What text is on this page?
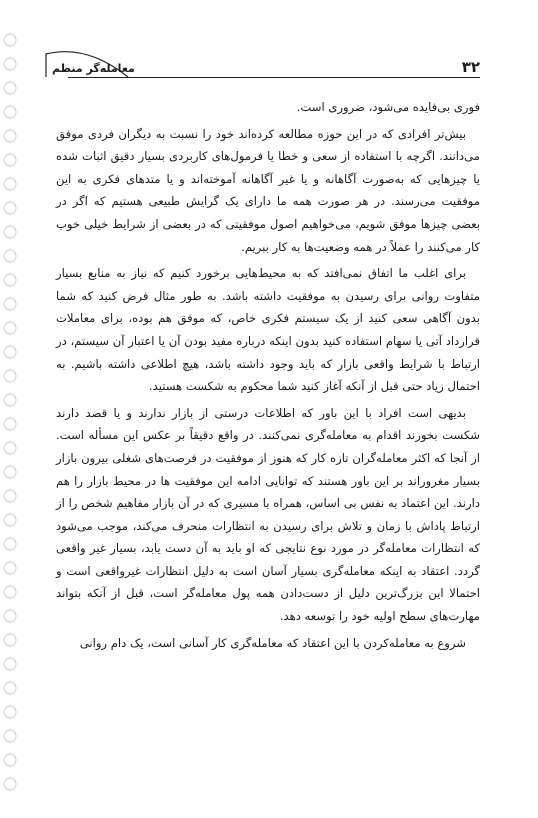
معامله‌گر منظم	۳۲

فوری بی‌فایده می‌شود، ضروری است.

بیش‌تر افرادی که در این حوزه مطالعه کرده‌اند خود را نسبت به دیگران فردی موفق می‌دانند. اگرچه با استفاده از سعی و خطا یا فرمول‌های کاربردی بسیار دقیق اثبات شده یا چیزهایی که به‌صورت آگاهانه و یا غیر آگاهانه آموخته‌اند و یا متدهای فکری به این موفقیت می‌رسند. در هر صورت همه ما دارای یک گرایش طبیعی هستیم که اگر در بعضی چیزها موفق شویم، می‌خواهیم اصول موفقیتی که در بعضی از شرایط خیلی خوب کار می‌کنند را عملاً در همه وضعیت‌ها به کار ببریم.

برای اغلب ما اتفاق نمی‌افتد که به محیط‌هایی برخورد کنیم که نیاز به منابع بسیار متفاوت روانی برای رسیدن به موفقیت داشته باشد. به طور مثال فرض کنید که شما بدون آگاهی سعی کنید از یک سیستم فکری خاص، که موفق هم بوده، برای معاملات قرارداد آتی یا سهام استفاده کنید بدون اینکه درباره مفید بودن آن یا اعتبار آن سیستم، در ارتباط با شرایط واقعی بازار که باید وجود داشته باشد، هیچ اطلاعی داشته باشیم. به احتمال زیاد حتی قبل از آنکه آغاز کنید شما محکوم به شکست هستید.

بدیهی است افراد با این باور که اطلاعات درستی از بازار ندارند و یا قصد دارند شکست بخورند اقدام به معامله‌گری نمی‌کنند. در واقع دقیقاً بر عکس این مسأله است. از آنجا که اکثر معامله‌گران تازه کار که هنوز از موفقیت در فرصت‌های شغلی بیرون بازار بسیار مغروراند بر این باور هستند که توانایی ادامه این موفقیت ها در محیط بازار را هم دارند. این اعتماد به نفس بی اساس، همراه با مسیری که در آن بازار مفاهیم شخص را از ارتباط پاداش با زمان و تلاش برای رسیدن به انتظارات منحرف می‌کند، موجب می‌شود که انتظارات معامله‌گر در مورد نوع نتایجی که او باید به آن دست یابد، بسیار غیر واقعی گردد. اعتقاد به اینکه معامله‌گری بسیار آسان است به دلیل انتظارات غیرواقعی است و احتمالا این بزرگ‌ترین دلیل از دست‌دادن همه پول معامله‌گر است، قبل از آنکه بتواند مهارت‌های سطح اولیه خود را توسعه دهد.

شروع به معامله‌کردن با این اعتقاد که معامله‌گری کار آسانی است، یک دام روانی
